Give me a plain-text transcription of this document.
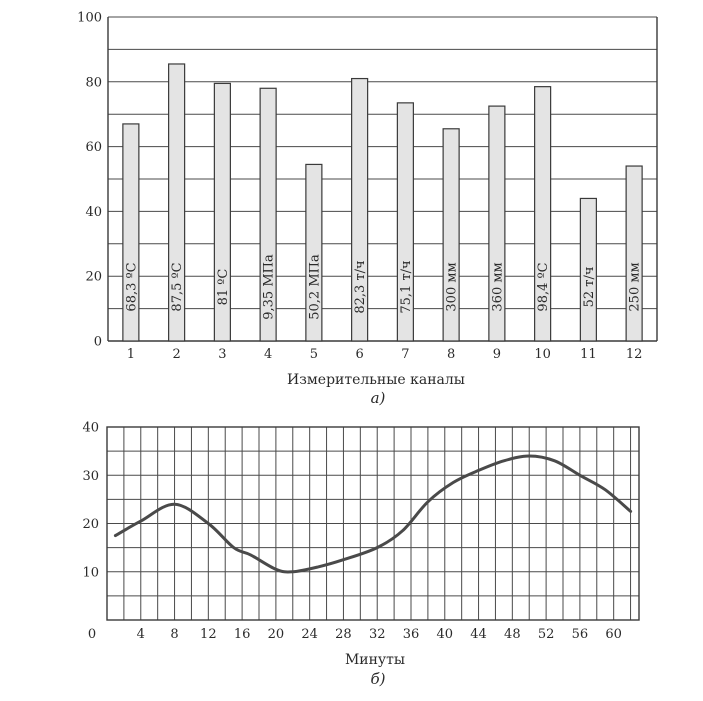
0
20
40
60
80
100
1	2	3	4	5	6	7	8	9	10 11 12
68,3 ºC 87,5 ºC 81 ºC 9,35 МПа 50,2 МПа 82,3 т/ч 75,1 т/ч 300 мм 360 мм 98,4 ºC 52 т/ч 250 мм
Измерительные каналы
а)
10
20
30
40
0	4 8 12 16 20 24 28 32 36 40 44 48 52 56 60
Минуты
б)
